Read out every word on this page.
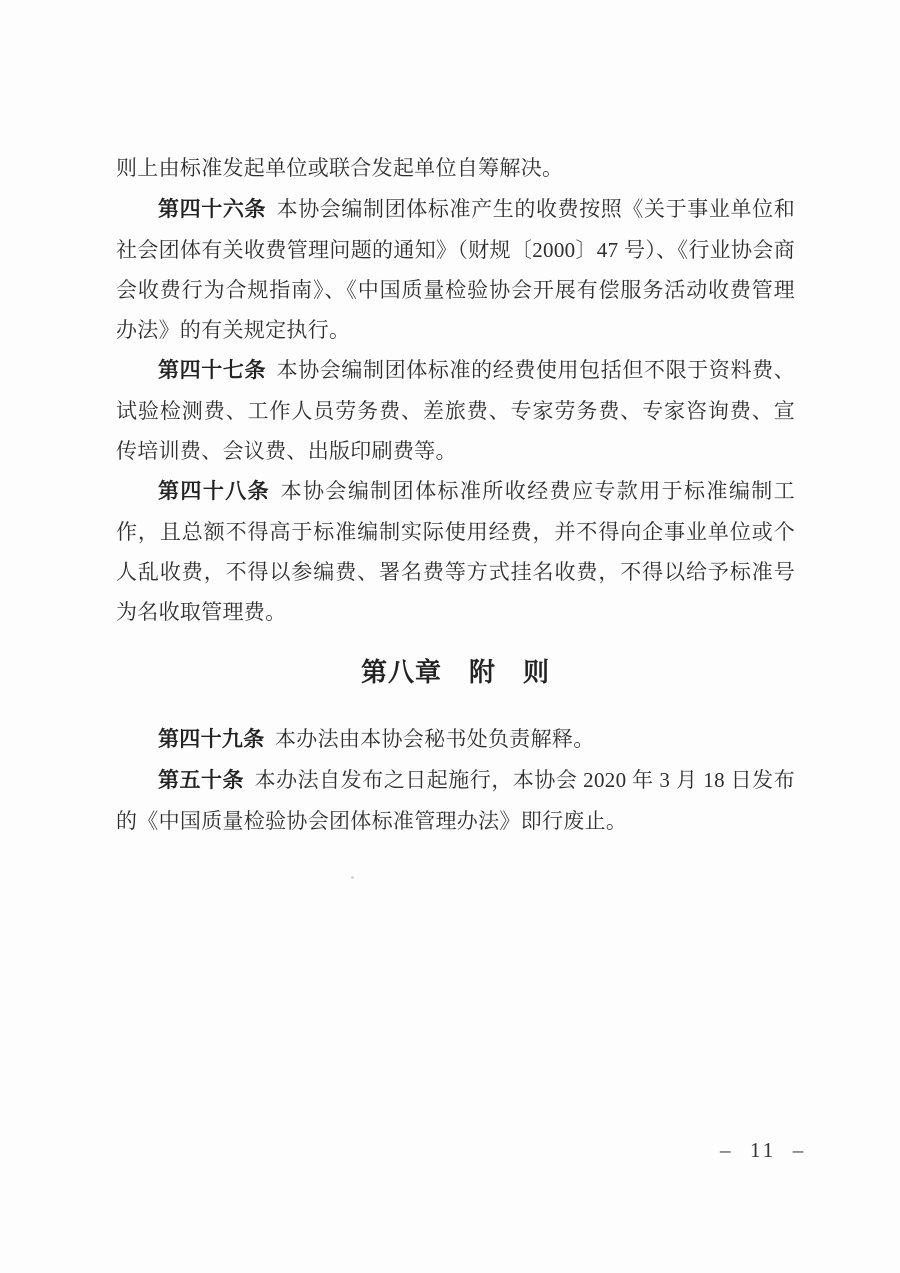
则上由标准发起单位或联合发起单位自筹解决。

第四十六条 本协会编制团体标准产生的收费按照《关于事业单位和社会团体有关收费管理问题的通知》（财规〔2000〕47 号）、《行业协会商会收费行为合规指南》、《中国质量检验协会开展有偿服务活动收费管理办法》的有关规定执行。

第四十七条 本协会编制团体标准的经费使用包括但不限于资料费、试验检测费、工作人员劳务费、差旅费、专家劳务费、专家咨询费、宣传培训费、会议费、出版印刷费等。

第四十八条 本协会编制团体标准所收经费应专款用于标准编制工作，且总额不得高于标准编制实际使用经费，并不得向企事业单位或个人乱收费，不得以参编费、署名费等方式挂名收费，不得以给予标准号为名收取管理费。

第八章　附　则

第四十九条 本办法由本协会秘书处负责解释。

第五十条 本办法自发布之日起施行，本协会 2020 年 3 月 18 日发布的《中国质量检验协会团体标准管理办法》即行废止。

–  11  –
